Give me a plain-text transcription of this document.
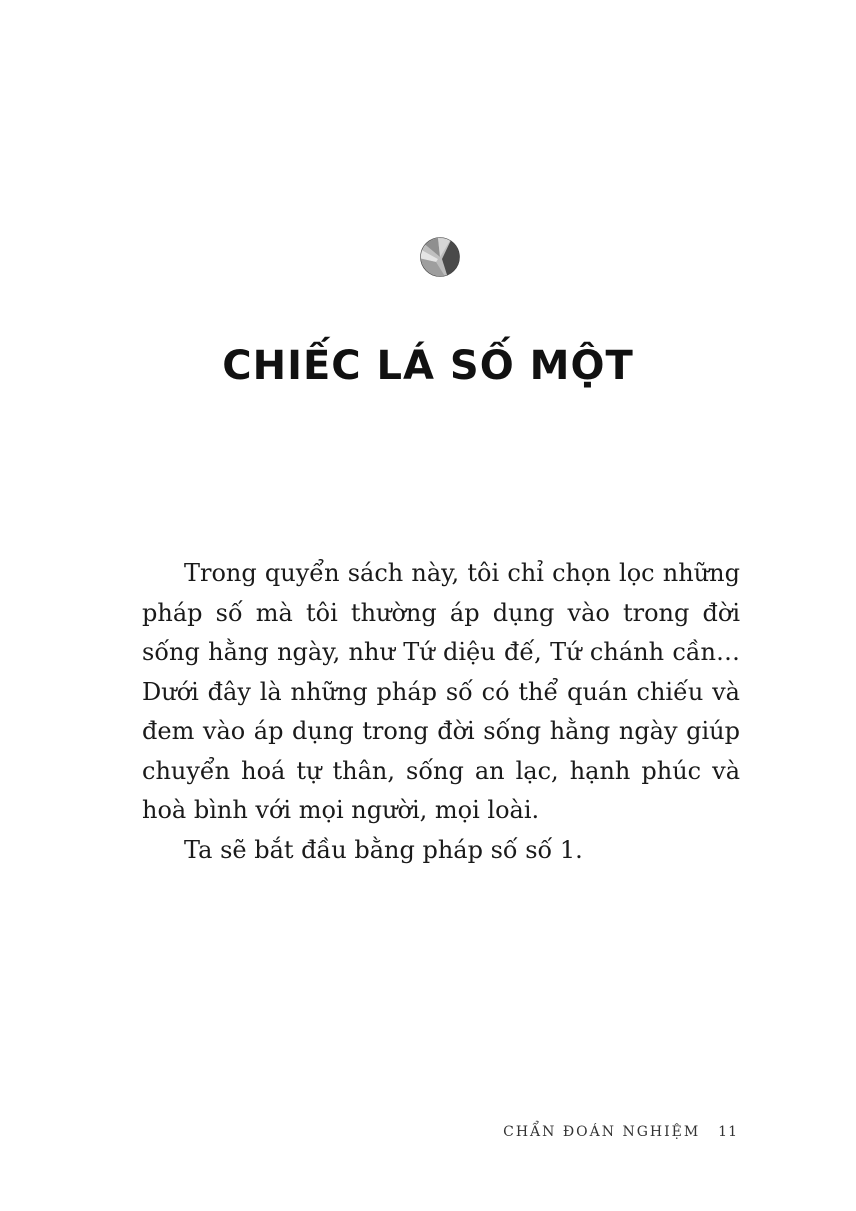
CHIẾC LÁ SỐ MỘT

Trong quyển sách này, tôi chỉ chọn lọc những pháp số mà tôi thường áp dụng vào trong đời sống hằng ngày, như Tứ diệu đế, Tứ chánh cần… Dưới đây là những pháp số có thể quán chiếu và đem vào áp dụng trong đời sống hằng ngày giúp chuyển hoá tự thân, sống an lạc, hạnh phúc và hoà bình với mọi người, mọi loài.

Ta sẽ bắt đầu bằng pháp số số 1.

CHẨN ĐOÁN NGHIỆM 11
